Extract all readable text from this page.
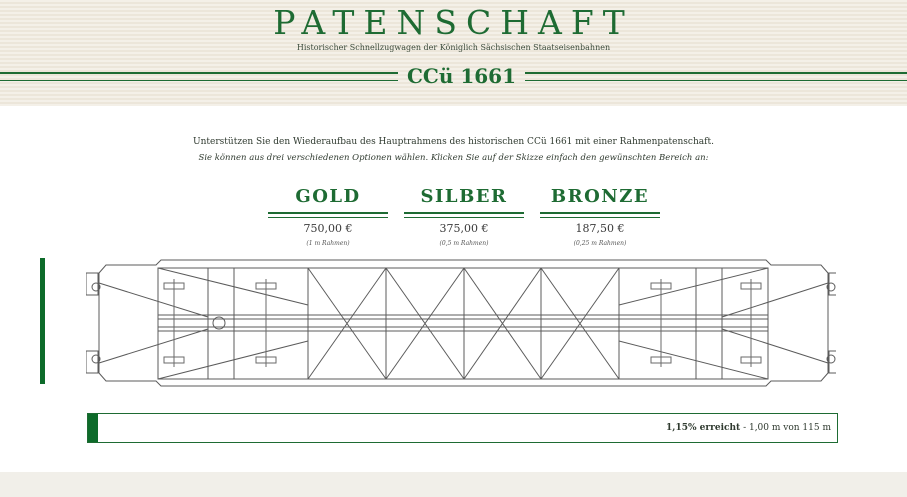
PATENSCHAFT
Historischer Schnellzugwagen der Königlich Sächsischen Staatseisenbahnen
CCü 1661
Unterstützen Sie den Wiederaufbau des Hauptrahmens des historischen CCü 1661 mit einer Rahmenpatenschaft.
Sie können aus drei verschiedenen Optionen wählen. Klicken Sie auf der Skizze einfach den gewünschten Bereich an:
GOLD
750,00 €
(1 m Rahmen)
SILBER
375,00 €
(0,5 m Rahmen)
BRONZE
187,50 €
(0,25 m Rahmen)
1,15% erreicht - 1,00 m von 115 m
